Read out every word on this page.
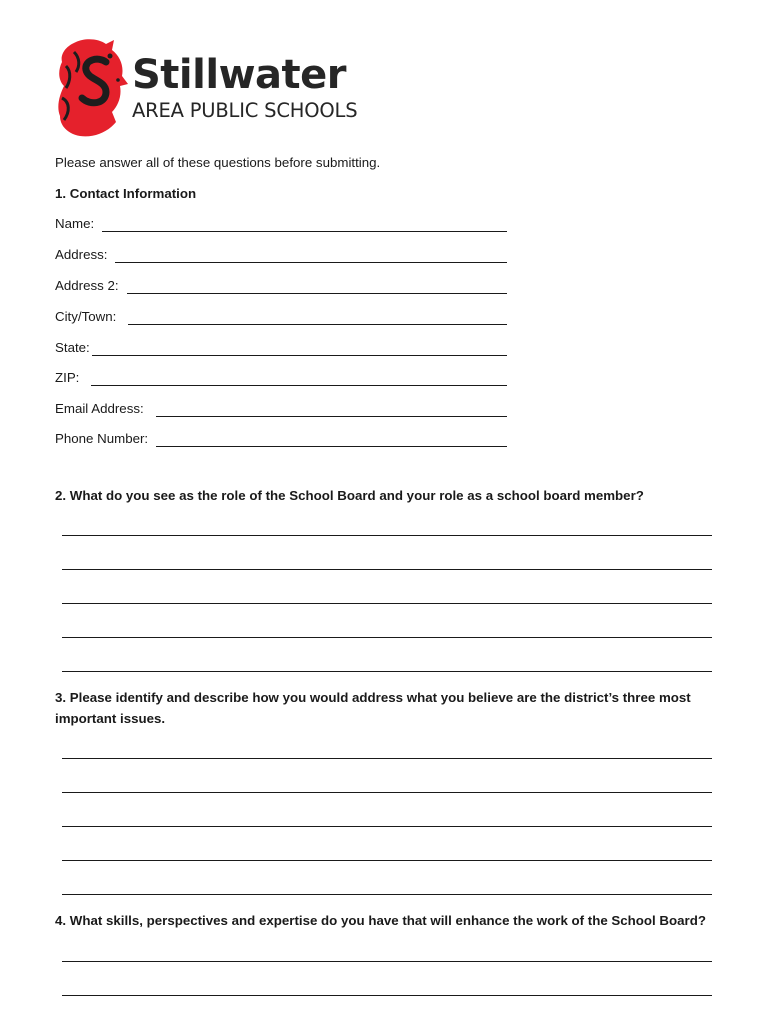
Stillwater
AREA PUBLIC SCHOOLS
Please answer all of these questions before submitting.
1. Contact Information
Name:
Address:
Address 2:
City/Town:
State:
ZIP:
Email Address:
Phone Number:
2. What do you see as the role of the School Board and your role as a school board member?
3. Please identify and describe how you would address what you believe are the district’s three most important issues.
4. What skills, perspectives and expertise do you have that will enhance the work of the School Board?
